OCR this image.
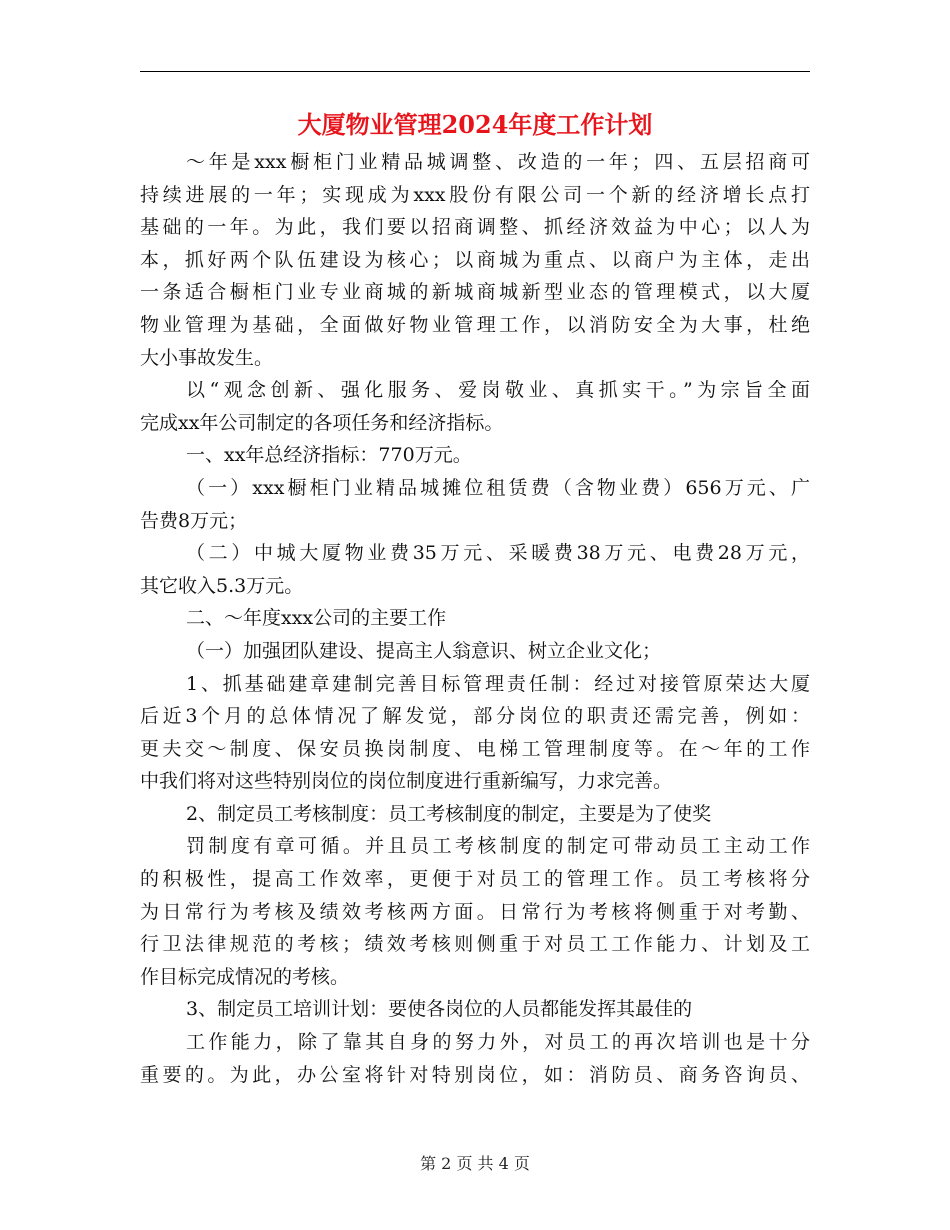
大厦物业管理2024年度工作计划
～年是xxx橱柜门业精品城调整、改造的一年；四、五层招商可
持续进展的一年；实现成为xxx股份有限公司一个新的经济增长点打
基础的一年。为此，我们要以招商调整、抓经济效益为中心；以人为
本，抓好两个队伍建设为核心；以商城为重点、以商户为主体，走出
一条适合橱柜门业专业商城的新城商城新型业态的管理模式，以大厦
物业管理为基础，全面做好物业管理工作，以消防安全为大事，杜绝
大小事故发生。
以“观念创新、强化服务、爱岗敬业、真抓实干。”为宗旨全面
完成xx年公司制定的各项任务和经济指标。
一、xx年总经济指标：770万元。
（一）xxx橱柜门业精品城摊位租赁费（含物业费）656万元、广
告费8万元；
（二）中城大厦物业费35万元、采暖费38万元、电费28万元，
其它收入5.3万元。
二、～年度xxx公司的主要工作
（一）加强团队建设、提高主人翁意识、树立企业文化；
1、抓基础建章建制完善目标管理责任制：经过对接管原荣达大厦
后近3个月的总体情况了解发觉，部分岗位的职责还需完善，例如：
更夫交～制度、保安员换岗制度、电梯工管理制度等。在～年的工作
中我们将对这些特别岗位的岗位制度进行重新编写，力求完善。
2、制定员工考核制度：员工考核制度的制定，主要是为了使奖
罚制度有章可循。并且员工考核制度的制定可带动员工主动工作
的积极性，提高工作效率，更便于对员工的管理工作。员工考核将分
为日常行为考核及绩效考核两方面。日常行为考核将侧重于对考勤、
行卫法律规范的考核；绩效考核则侧重于对员工工作能力、计划及工
作目标完成情况的考核。
3、制定员工培训计划：要使各岗位的人员都能发挥其最佳的
工作能力，除了靠其自身的努力外，对员工的再次培训也是十分
重要的。为此，办公室将针对特别岗位，如：消防员、商务咨询员、
第 2 页 共 4 页
